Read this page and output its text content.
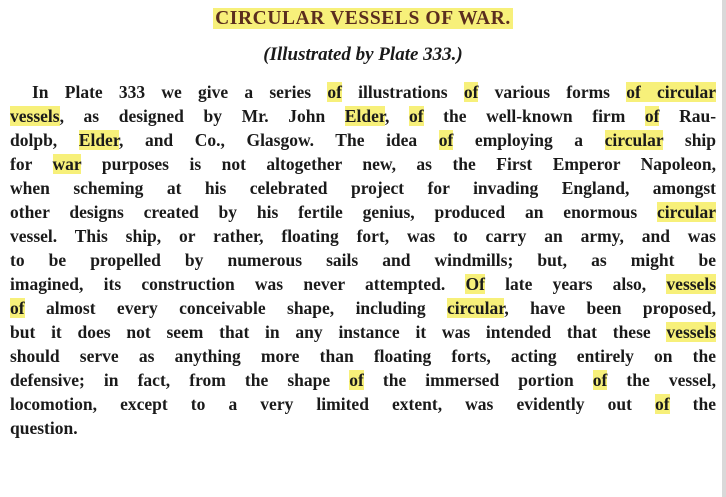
CIRCULAR VESSELS OF WAR.
(Illustrated by Plate 333.)
In Plate 333 we give a series of illustrations of various forms of circular
vessels, as designed by Mr. John Elder, of the well-known firm of Rau-
dolpb, Elder, and Co., Glasgow. The idea of employing a circular ship
for war purposes is not altogether new, as the First Emperor Napoleon,
when scheming at his celebrated project for invading England, amongst
other designs created by his fertile genius, produced an enormous circular
vessel. This ship, or rather, floating fort, was to carry an army, and was
to be propelled by numerous sails and windmills; but, as might be
imagined, its construction was never attempted. Of late years also, vessels
of almost every conceivable shape, including circular, have been proposed,
but it does not seem that in any instance it was intended that these vessels
should serve as anything more than floating forts, acting entirely on the
defensive; in fact, from the shape of the immersed portion of the vessel,
locomotion, except to a very limited extent, was evidently out of the
question.
